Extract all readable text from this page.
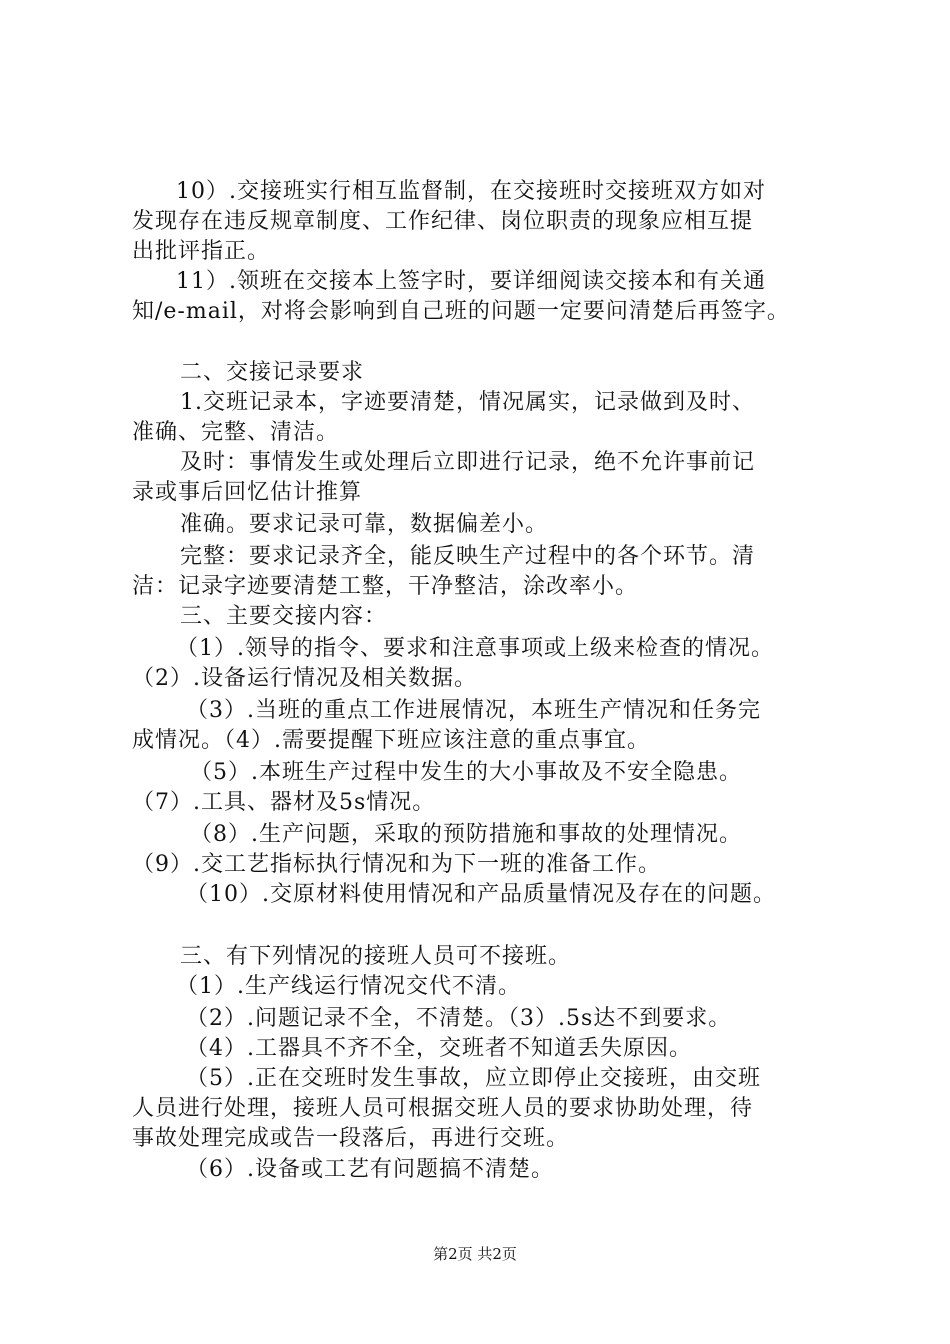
10）.交接班实行相互监督制，在交接班时交接班双方如对
发现存在违反规章制度、工作纪律、岗位职责的现象应相互提
出批评指正。
11）.领班在交接本上签字时，要详细阅读交接本和有关通
知/e-mail，对将会影响到自己班的问题一定要问清楚后再签字。
二、交接记录要求
1.交班记录本，字迹要清楚，情况属实，记录做到及时、
准确、完整、清洁。
及时：事情发生或处理后立即进行记录，绝不允许事前记
录或事后回忆估计推算
准确。要求记录可靠，数据偏差小。
完整：要求记录齐全，能反映生产过程中的各个环节。清
洁：记录字迹要清楚工整，干净整洁，涂改率小。
三、主要交接内容：
（1）.领导的指令、要求和注意事项或上级来检查的情况。
（2）.设备运行情况及相关数据。
（3）.当班的重点工作进展情况，本班生产情况和任务完
成情况。（4）.需要提醒下班应该注意的重点事宜。
（5）.本班生产过程中发生的大小事故及不安全隐患。
（7）.工具、器材及5s情况。
（8）.生产问题，采取的预防措施和事故的处理情况。
（9）.交工艺指标执行情况和为下一班的准备工作。
（10）.交原材料使用情况和产品质量情况及存在的问题。
三、有下列情况的接班人员可不接班。
（1）.生产线运行情况交代不清。
（2）.问题记录不全，不清楚。（3）.5s达不到要求。
（4）.工器具不齐不全，交班者不知道丢失原因。
（5）.正在交班时发生事故，应立即停止交接班，由交班
人员进行处理，接班人员可根据交班人员的要求协助处理，待
事故处理完成或告一段落后，再进行交班。
（6）.设备或工艺有问题搞不清楚。
第2页 共2页
